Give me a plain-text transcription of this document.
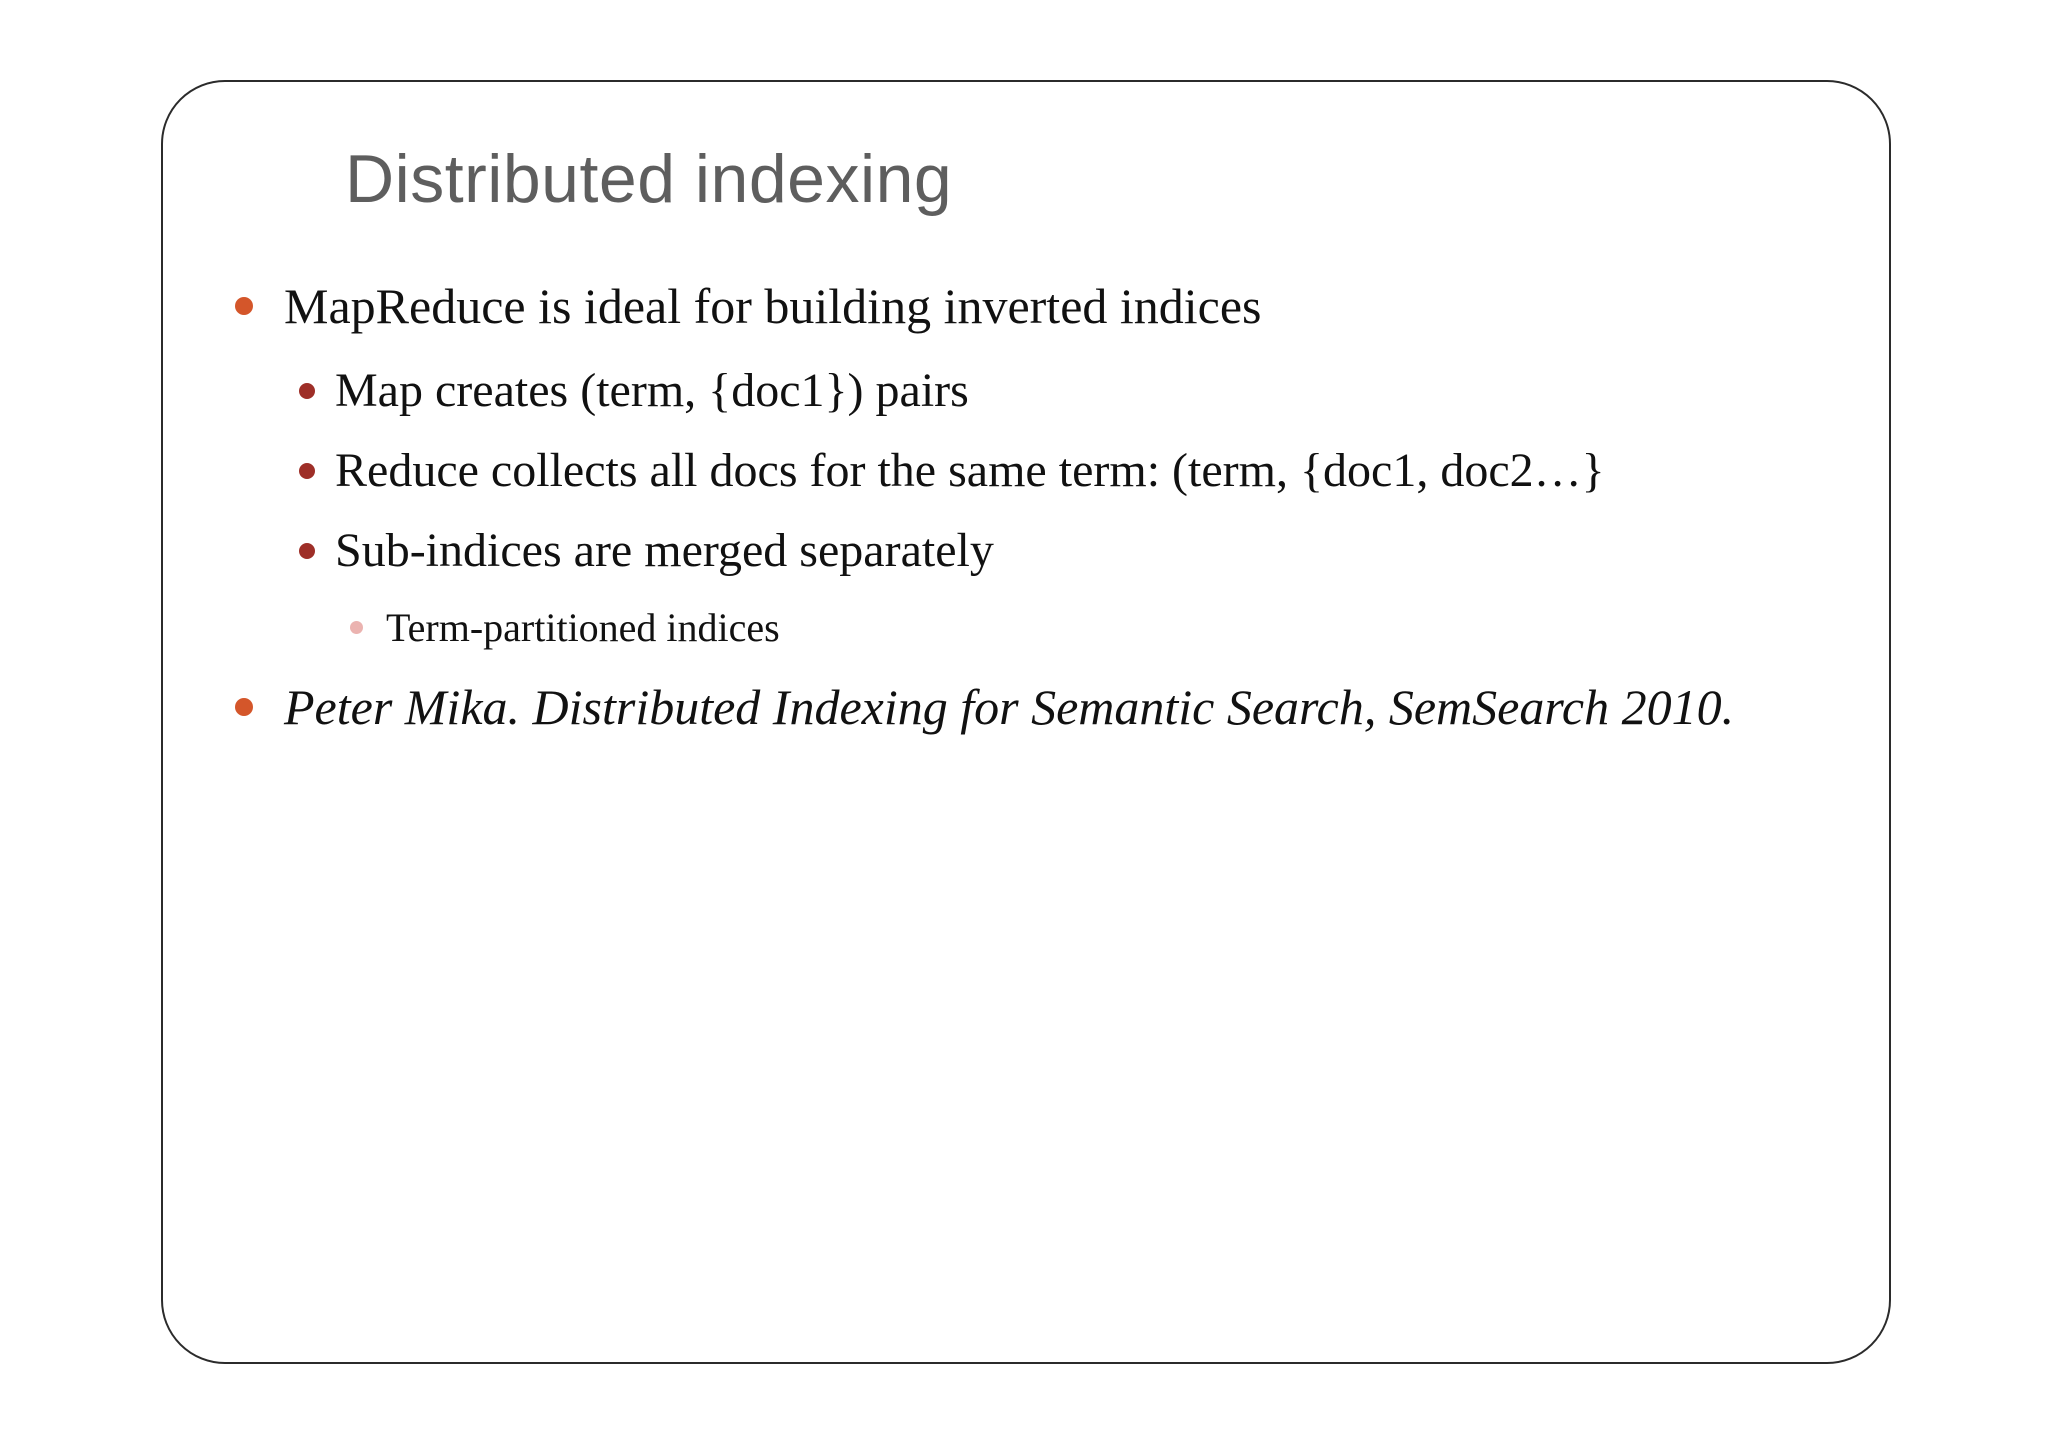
Distributed indexing
MapReduce is ideal for building inverted indices
Map creates (term, {doc1}) pairs
Reduce collects all docs for the same term: (term, {doc1, doc2…}
Sub-indices are merged separately
Term-partitioned indices
Peter Mika. Distributed Indexing for Semantic Search, SemSearch 2010.
